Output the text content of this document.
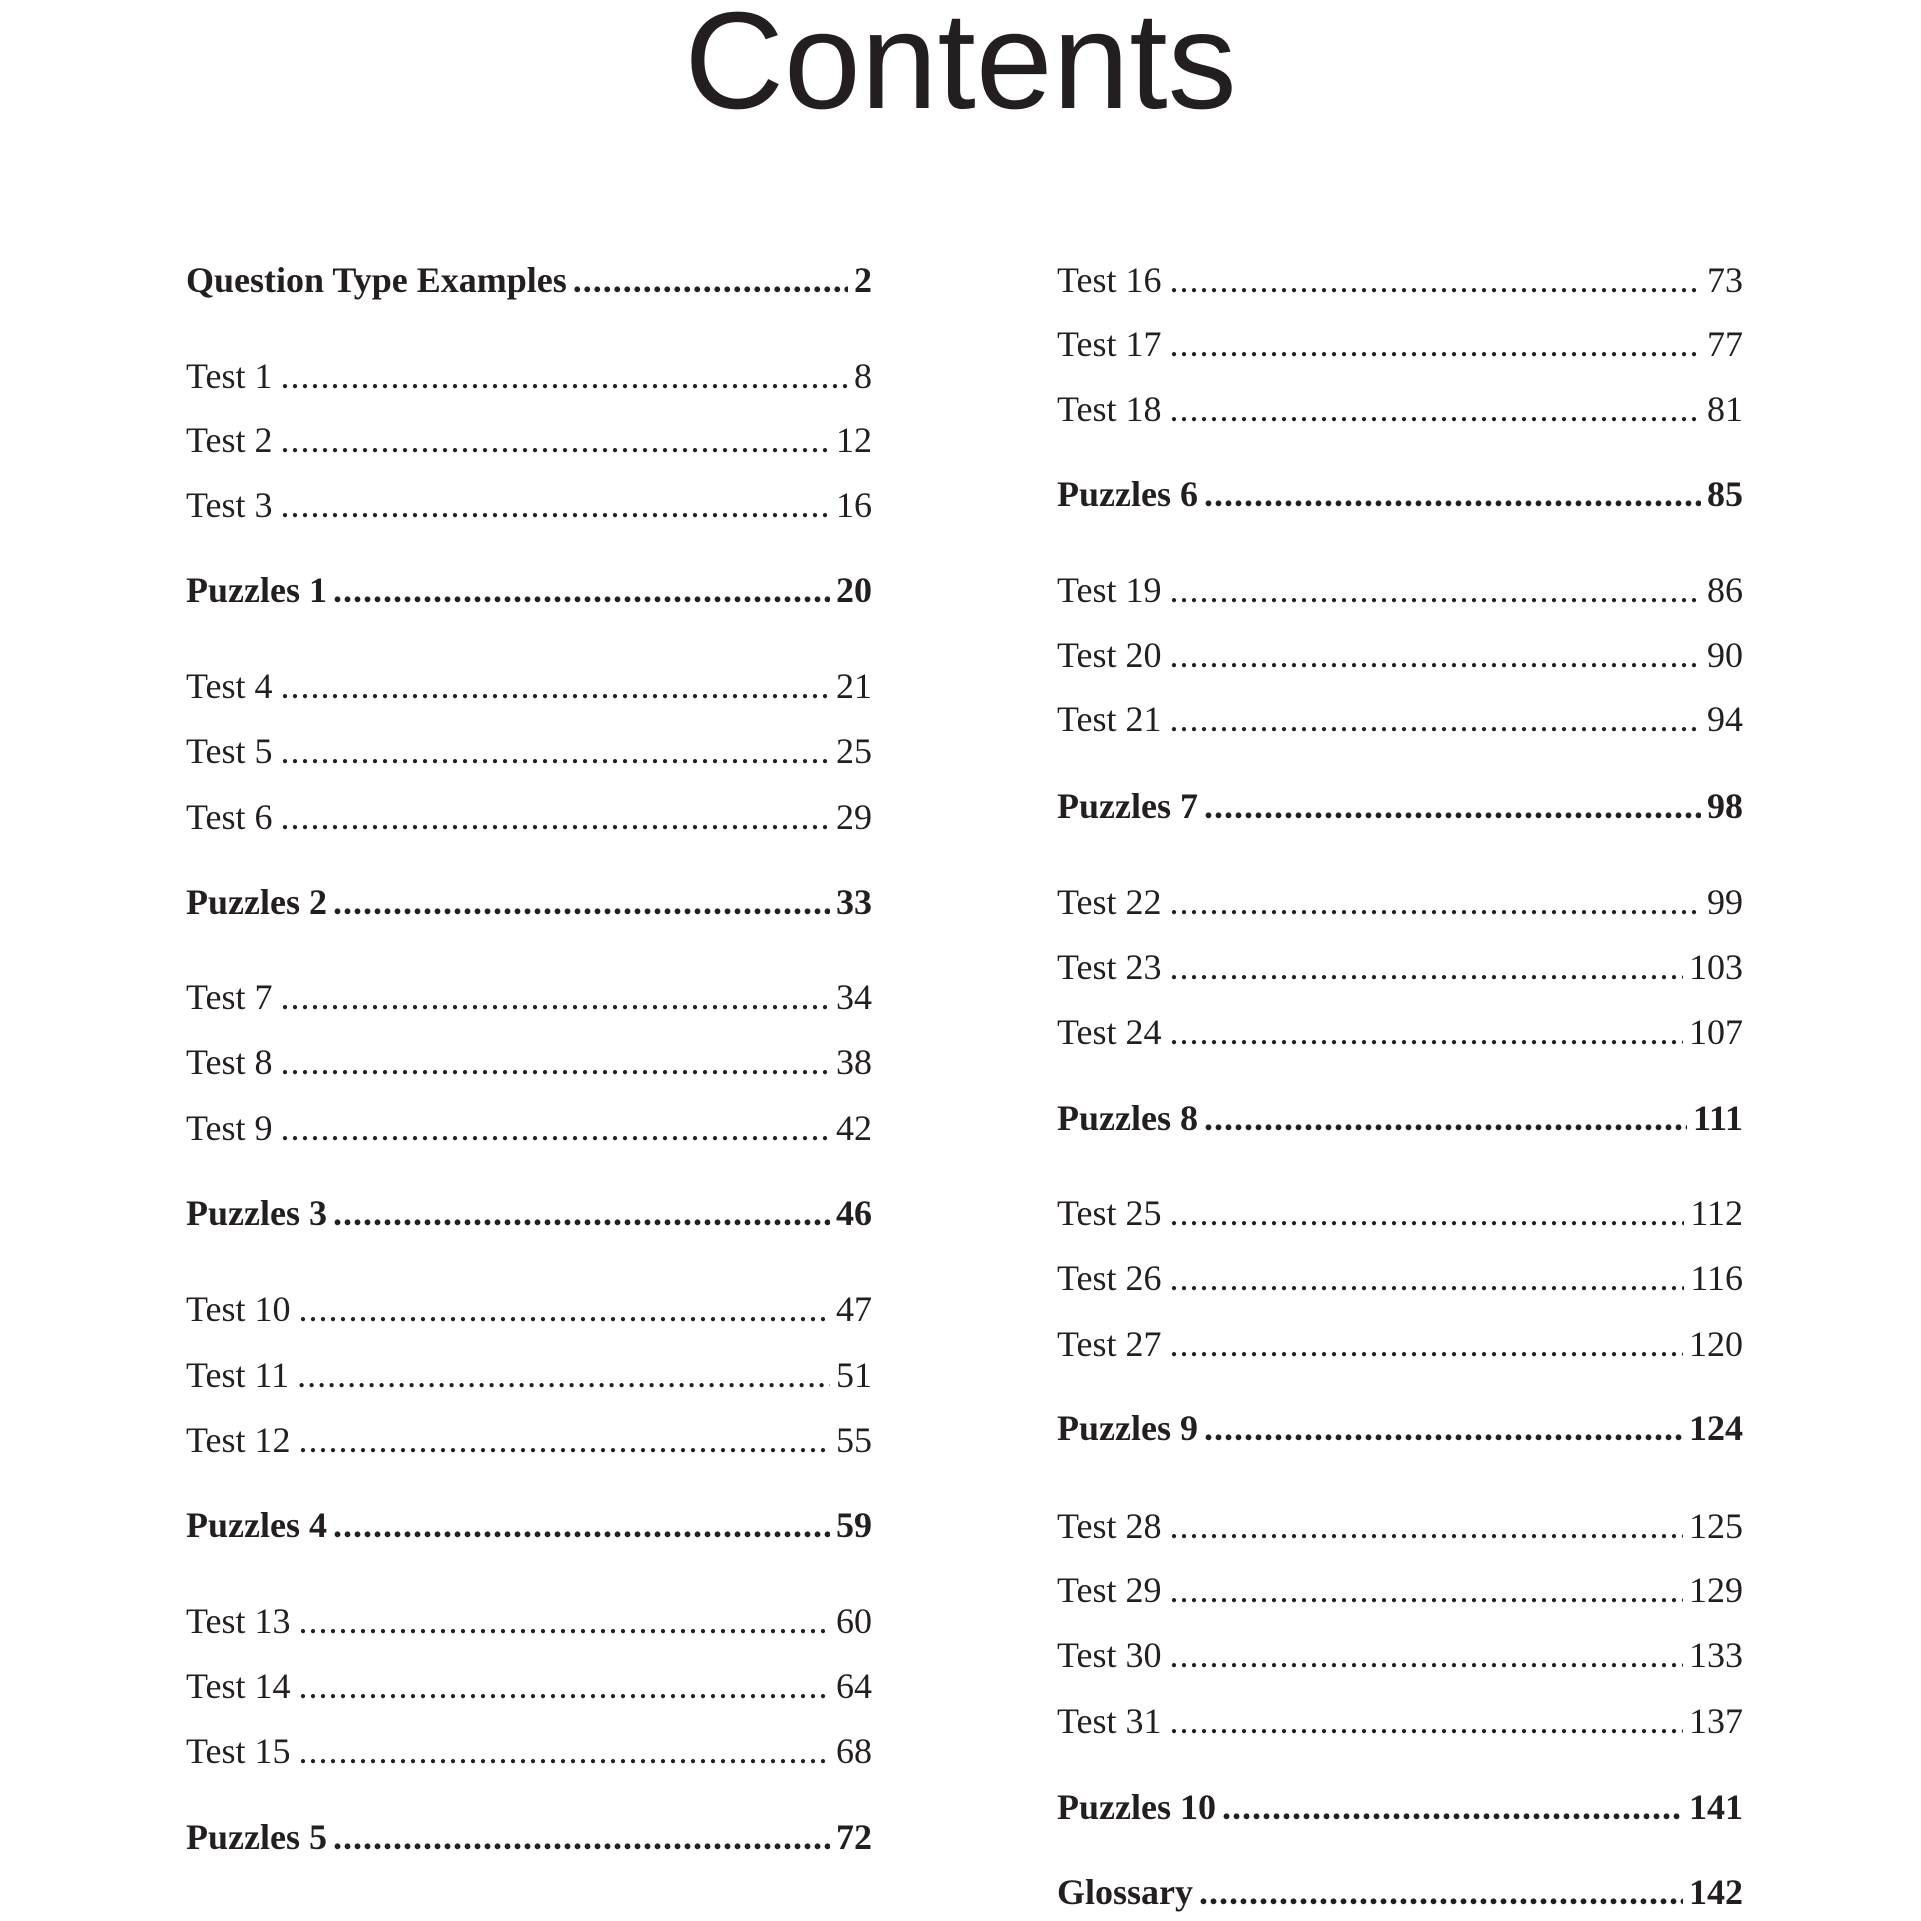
Contents
Question Type Examples .....	2
Test 1 .....	8
Test 2 .....	12
Test 3 .....	16
Puzzles 1 .....	20
Test 4 .....	21
Test 5 .....	25
Test 6 .....	29
Puzzles 2 .....	33
Test 7 .....	34
Test 8 .....	38
Test 9 .....	42
Puzzles 3 .....	46
Test 10 .....	47
Test 11 .....	51
Test 12 .....	55
Puzzles 4 .....	59
Test 13 .....	60
Test 14 .....	64
Test 15 .....	68
Puzzles 5 .....	72
Test 16 .....	73
Test 17 .....	77
Test 18 .....	81
Puzzles 6 .....	85
Test 19 .....	86
Test 20 .....	90
Test 21 .....	94
Puzzles 7 .....	98
Test 22 .....	99
Test 23 .....	103
Test 24 .....	107
Puzzles 8 .....	111
Test 25 .....	112
Test 26 .....	116
Test 27 .....	120
Puzzles 9 .....	124
Test 28 .....	125
Test 29 .....	129
Test 30 .....	133
Test 31 .....	137
Puzzles 10 .....	141
Glossary .....	142
